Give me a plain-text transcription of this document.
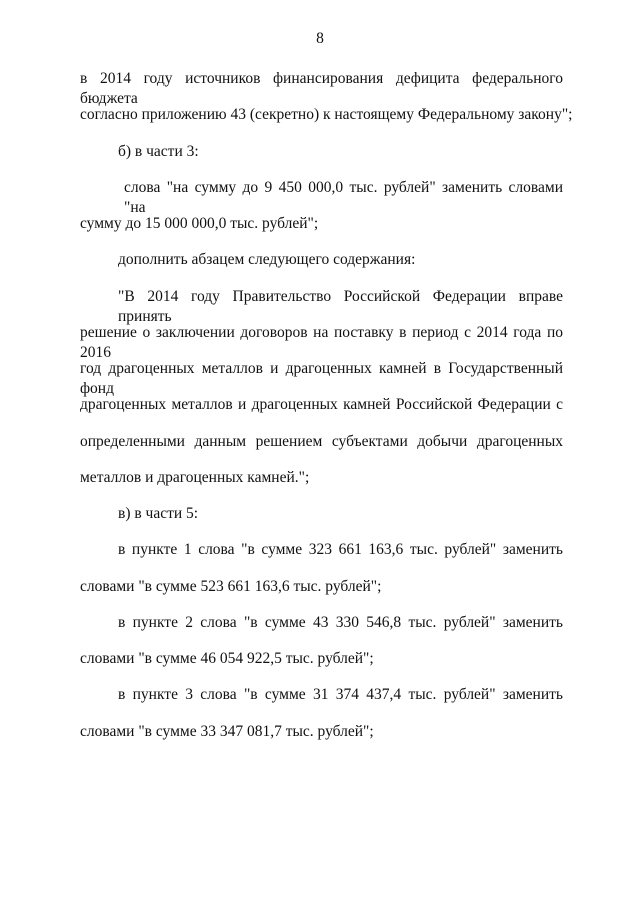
8
в 2014 году источников финансирования дефицита федерального бюджета
согласно приложению 43 (секретно) к настоящему Федеральному закону";
б) в части 3:
слова "на сумму до 9 450 000,0 тыс. рублей" заменить словами "на
сумму до 15 000 000,0 тыс. рублей";
дополнить абзацем следующего содержания:
"В 2014 году Правительство Российской Федерации вправе принять
решение о заключении договоров на поставку в период с 2014 года по 2016
год драгоценных металлов и драгоценных камней в Государственный фонд
драгоценных металлов и драгоценных камней Российской Федерации с
определенными данным решением субъектами добычи драгоценных
металлов и драгоценных камней.";
в) в части 5:
в пункте 1 слова "в сумме 323 661 163,6 тыс. рублей" заменить
словами "в сумме 523 661 163,6 тыс. рублей";
в пункте 2 слова "в сумме 43 330 546,8 тыс. рублей" заменить
словами "в сумме 46 054 922,5 тыс. рублей";
в пункте 3 слова "в сумме 31 374 437,4 тыс. рублей" заменить
словами "в сумме 33 347 081,7 тыс. рублей";
